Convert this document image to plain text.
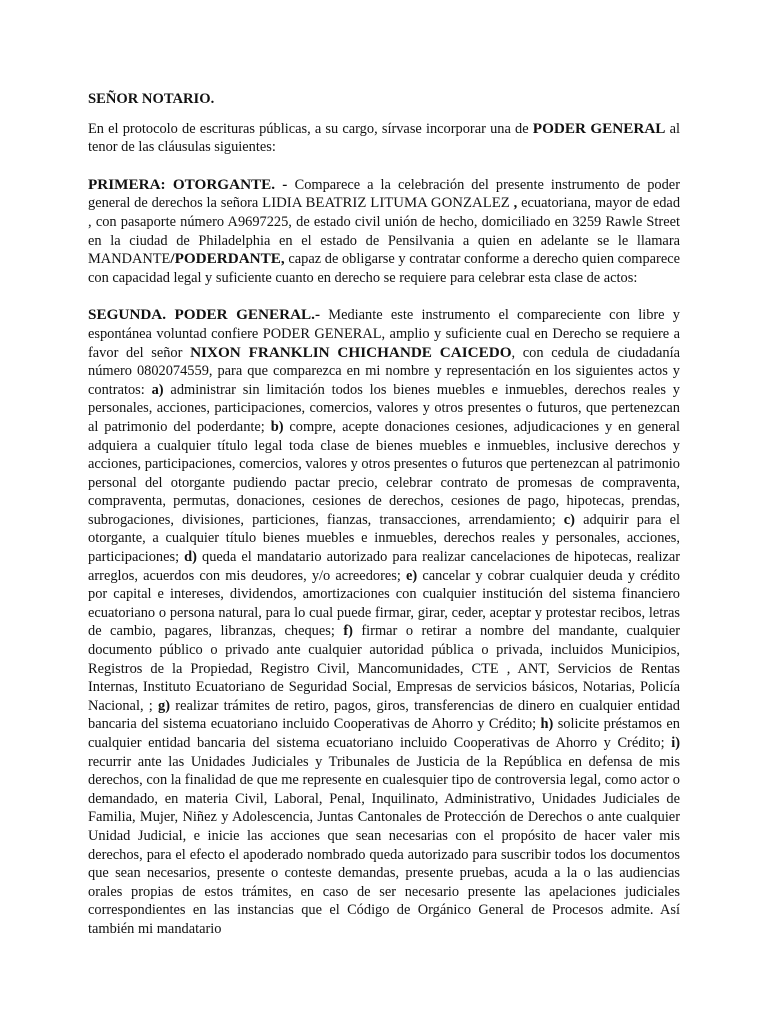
SEÑOR NOTARIO.

En el protocolo de escrituras públicas, a su cargo, sírvase incorporar una de PODER GENERAL al tenor de las cláusulas siguientes:

PRIMERA: OTORGANTE. - Comparece a la celebración del presente instrumento de poder general de derechos la señora LIDIA BEATRIZ LITUMA GONZALEZ , ecuatoriana, mayor de edad , con pasaporte número A9697225, de estado civil unión de hecho, domiciliado en 3259 Rawle Street en la ciudad de Philadelphia en el estado de Pensilvania a quien en adelante se le llamara MANDANTE/PODERDANTE, capaz de obligarse y contratar conforme a derecho quien comparece con capacidad legal y suficiente cuanto en derecho se requiere para celebrar esta clase de actos:

SEGUNDA. PODER GENERAL.- Mediante este instrumento el compareciente con libre y espontánea voluntad confiere PODER GENERAL, amplio y suficiente cual en Derecho se requiere a favor del señor NIXON FRANKLIN CHICHANDE CAICEDO, con cedula de ciudadanía número 0802074559, para que comparezca en mi nombre y representación en los siguientes actos y contratos: a) administrar sin limitación todos los bienes muebles e inmuebles, derechos reales y personales, acciones, participaciones, comercios, valores y otros presentes o futuros, que pertenezcan al patrimonio del poderdante; b) compre, acepte donaciones cesiones, adjudicaciones y en general adquiera a cualquier título legal toda clase de bienes muebles e inmuebles, inclusive derechos y acciones, participaciones, comercios, valores y otros presentes o futuros que pertenezcan al patrimonio personal del otorgante pudiendo pactar precio, celebrar contrato de promesas de compraventa, compraventa, permutas, donaciones, cesiones de derechos, cesiones de pago, hipotecas, prendas, subrogaciones, divisiones, particiones, fianzas, transacciones, arrendamiento; c) adquirir para el otorgante, a cualquier título bienes muebles e inmuebles, derechos reales y personales, acciones, participaciones; d) queda el mandatario autorizado para realizar cancelaciones de hipotecas, realizar arreglos, acuerdos con mis deudores, y/o acreedores; e) cancelar y cobrar cualquier deuda y crédito por capital e intereses, dividendos, amortizaciones con cualquier institución del sistema financiero ecuatoriano o persona natural, para lo cual puede firmar, girar, ceder, aceptar y protestar recibos, letras de cambio, pagares, libranzas, cheques; f) firmar o retirar a nombre del mandante, cualquier documento público o privado ante cualquier autoridad pública o privada, incluidos Municipios, Registros de la Propiedad, Registro Civil, Mancomunidades, CTE , ANT, Servicios de Rentas Internas, Instituto Ecuatoriano de Seguridad Social, Empresas de servicios básicos, Notarias, Policía Nacional, ; g) realizar trámites de retiro, pagos, giros, transferencias de dinero en cualquier entidad bancaria del sistema ecuatoriano incluido Cooperativas de Ahorro y Crédito; h) solicite préstamos en cualquier entidad bancaria del sistema ecuatoriano incluido Cooperativas de Ahorro y Crédito; i) recurrir ante las Unidades Judiciales y Tribunales de Justicia de la República en defensa de mis derechos, con la finalidad de que me represente en cualesquier tipo de controversia legal, como actor o demandado, en materia Civil, Laboral, Penal, Inquilinato, Administrativo, Unidades Judiciales de Familia, Mujer, Niñez y Adolescencia, Juntas Cantonales de Protección de Derechos o ante cualquier Unidad Judicial, e inicie las acciones que sean necesarias con el propósito de hacer valer mis derechos, para el efecto el apoderado nombrado queda autorizado para suscribir todos los documentos que sean necesarios, presente o conteste demandas, presente pruebas, acuda a la o las audiencias orales propias de estos trámites, en caso de ser necesario presente las apelaciones judiciales correspondientes en las instancias que el Código de Orgánico General de Procesos admite. Así también mi mandatario
